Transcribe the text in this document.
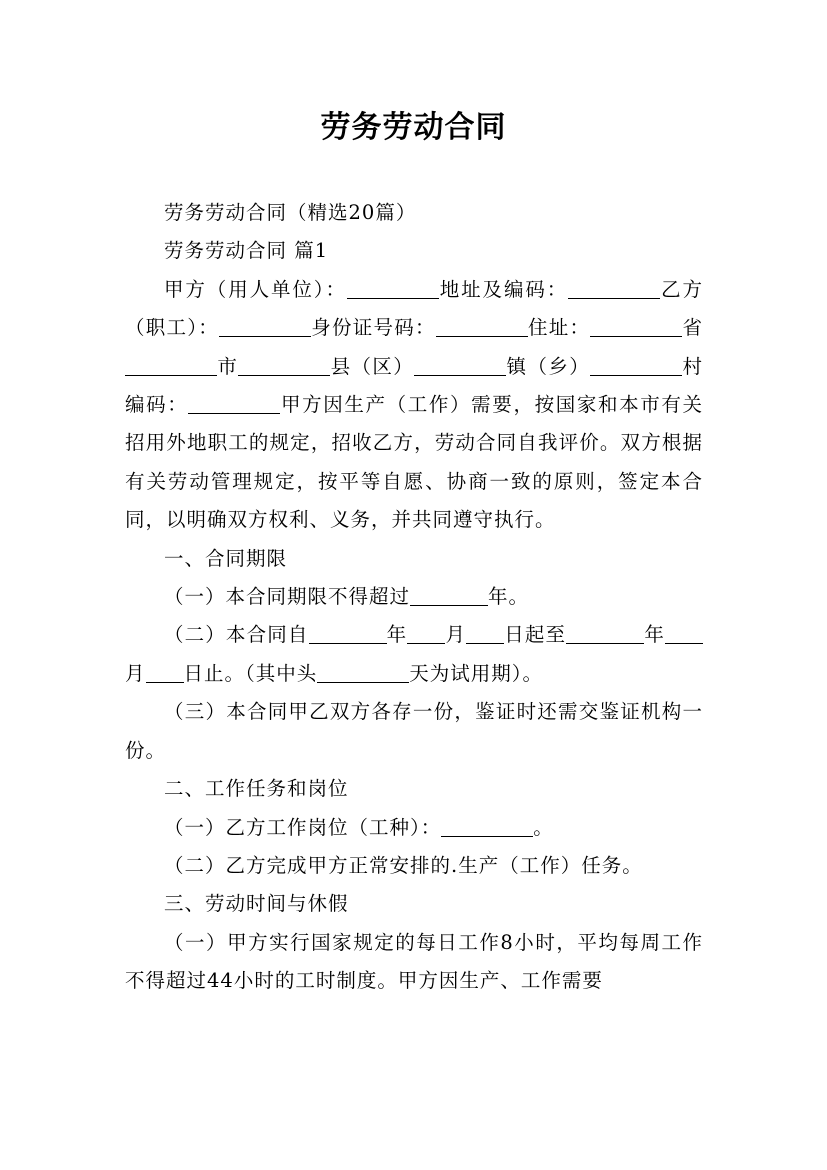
劳务劳动合同

劳务劳动合同（精选20篇）

劳务劳动合同 篇1

甲方（用人单位）：	地址及编码：	乙方（职工）：	身份证号码：	住址：	省市	县（区）	镇（乡）	村编码：	甲方因生产（工作）需要，按国家和本市有关招用外地职工的规定，招收乙方，劳动合同自我评价。双方根据有关劳动管理规定，按平等自愿、协商一致的原则，签定本合同，以明确双方权利、义务，并共同遵守执行。

一、合同期限

（一）本合同期限不得超过	年。

（二）本合同自	年 月 日起至	年月 日止。（其中头	天为试用期）。

（三）本合同甲乙双方各存一份，鉴证时还需交鉴证机构一份。

二、工作任务和岗位

（一）乙方工作岗位（工种）：	。

（二）乙方完成甲方正常安排的.生产（工作）任务。

三、劳动时间与休假

（一）甲方实行国家规定的每日工作8小时，平均每周工作不得超过44小时的工时制度。甲方因生产、工作需要
